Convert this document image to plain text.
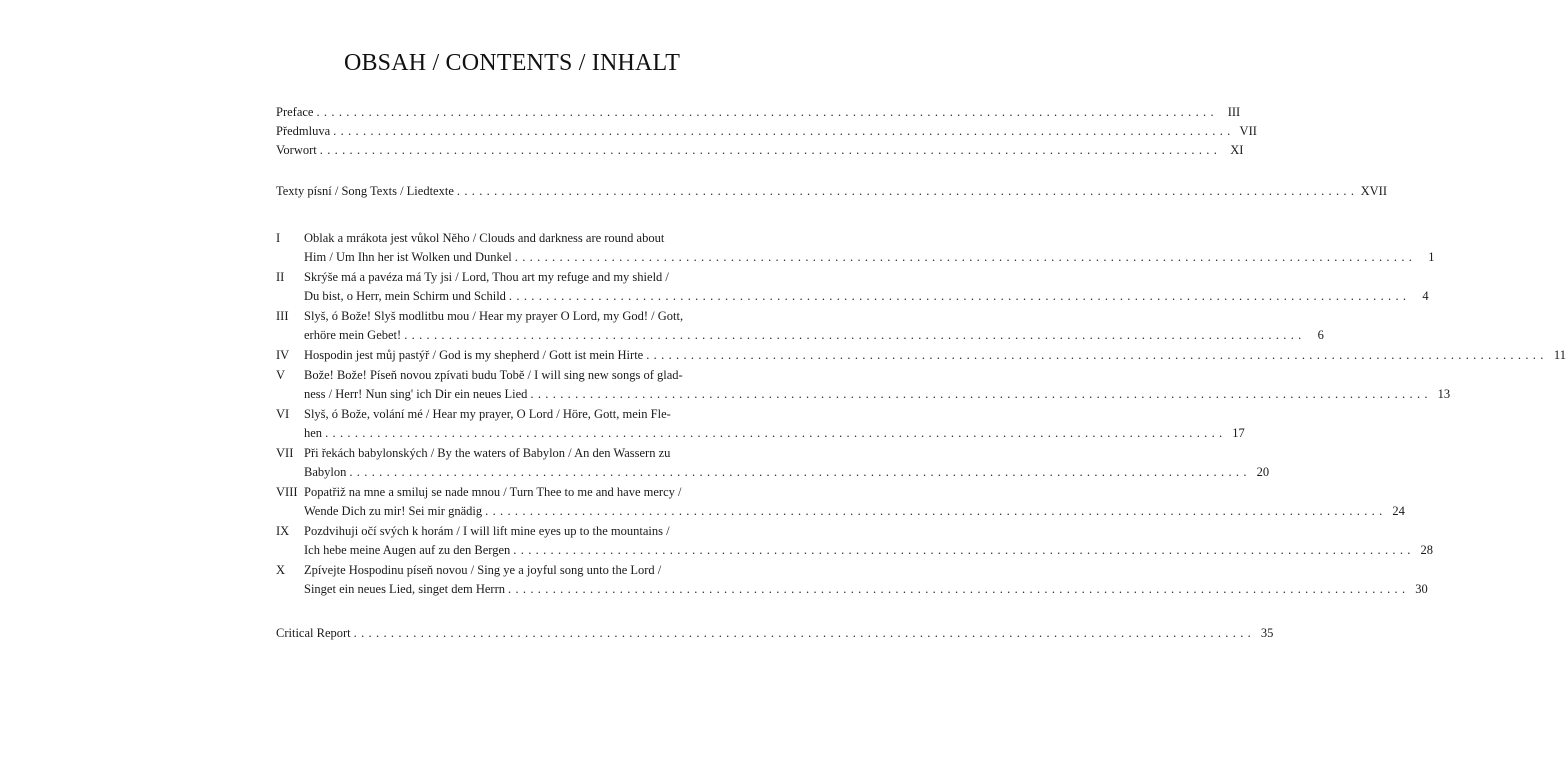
OBSAH / CONTENTS / INHALT
Preface . . .	III
Předmluva . . .	VII
Vorwort . . .	XI
Texty písní / Song Texts / Liedtexte . . .	XVII
I	Oblak a mrákota jest vůkol Něho / Clouds and darkness are round about
Him / Um Ihn her ist Wolken und Dunkel . . .	1
II	Skrýše má a pavéza má Ty jsi / Lord, Thou art my refuge and my shield /
Du bist, o Herr, mein Schirm und Schild . . .	4
III	Slyš, ó Bože! Slyš modlitbu mou / Hear my prayer O Lord, my God! / Gott,
erhöre mein Gebet! . . .	6
IV	Hospodin jest můj pastýř / God is my shepherd / Gott ist mein Hirte . . .	11
V	Bože! Bože! Píseň novou zpívati budu Tobě / I will sing new songs of glad-
ness / Herr! Nun sing' ich Dir ein neues Lied . . .	13
VI	Slyš, ó Bože, volání mé / Hear my prayer, O Lord / Höre, Gott, mein Fle-
hen . . .	17
VII Při řekách babylonských / By the waters of Babylon / An den Wassern zu
Babylon . . .	20
VIII Popatřiž na mne a smiluj se nade mnou / Turn Thee to me and have mercy /
Wende Dich zu mir! Sei mir gnädig . . .	24
IX	Pozdvihuji očí svých k horám / I will lift mine eyes up to the mountains /
Ich hebe meine Augen auf zu den Bergen . . .	28
X	Zpívejte Hospodinu píseň novou / Sing ye a joyful song unto the Lord /
Singet ein neues Lied, singet dem Herrn . . .	30
Critical Report . . .	35
